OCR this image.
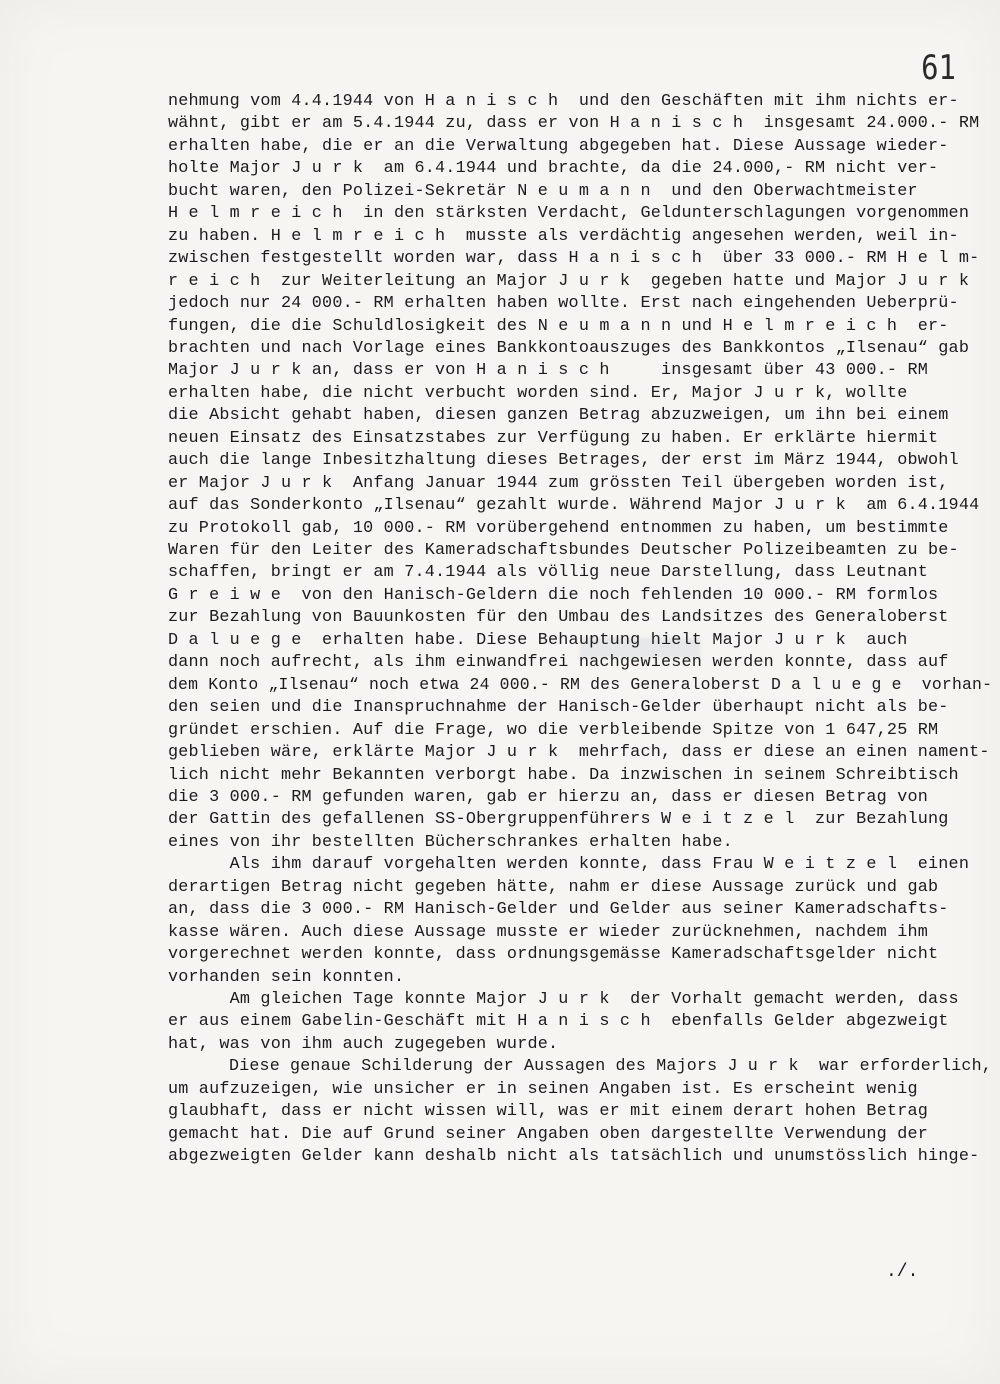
61
nehmung vom 4.4.1944 von H a n i s c h  und den Geschäften mit ihm nichts er-
wähnt, gibt er am 5.4.1944 zu, dass er von H a n i s c h  insgesamt 24.000.- RM
erhalten habe, die er an die Verwaltung abgegeben hat. Diese Aussage wieder-
holte Major J u r k  am 6.4.1944 und brachte, da die 24.000,- RM nicht ver-
bucht waren, den Polizei-Sekretär N e u m a n n  und den Oberwachtmeister
H e l m r e i c h  in den stärksten Verdacht, Geldunterschlagungen vorgenommen
zu haben. H e l m r e i c h  musste als verdächtig angesehen werden, weil in-
zwischen festgestellt worden war, dass H a n i s c h  über 33 000.- RM H e l m-
r e i c h  zur Weiterleitung an Major J u r k  gegeben hatte und Major J u r k
jedoch nur 24 000.- RM erhalten haben wollte. Erst nach eingehenden Ueberprü-
fungen, die die Schuldlosigkeit des N e u m a n n und H e l m r e i c h  er-
brachten und nach Vorlage eines Bankkontoauszuges des Bankkontos „Ilsenau“ gab
Major J u r k an, dass er von H a n i s c h     insgesamt über 43 000.- RM
erhalten habe, die nicht verbucht worden sind. Er, Major J u r k, wollte
die Absicht gehabt haben, diesen ganzen Betrag abzuzweigen, um ihn bei einem
neuen Einsatz des Einsatzstabes zur Verfügung zu haben. Er erklärte hiermit
auch die lange Inbesitzhaltung dieses Betrages, der erst im März 1944, obwohl
er Major J u r k  Anfang Januar 1944 zum grössten Teil übergeben worden ist,
auf das Sonderkonto „Ilsenau“ gezahlt wurde. Während Major J u r k  am 6.4.1944
zu Protokoll gab, 10 000.- RM vorübergehend entnommen zu haben, um bestimmte
Waren für den Leiter des Kameradschaftsbundes Deutscher Polizeibeamten zu be-
schaffen, bringt er am 7.4.1944 als völlig neue Darstellung, dass Leutnant
G r e i w e  von den Hanisch-Geldern die noch fehlenden 10 000.- RM formlos
zur Bezahlung von Bauunkosten für den Umbau des Landsitzes des Generaloberst
D a l u e g e  erhalten habe. Diese Behauptung hielt Major J u r k  auch
dann noch aufrecht, als ihm einwandfrei nachgewiesen werden konnte, dass auf
dem Konto „Ilsenau“ noch etwa 24 000.- RM des Generaloberst D a l u e g e  vorhan-
den seien und die Inanspruchnahme der Hanisch-Gelder überhaupt nicht als be-
gründet erschien. Auf die Frage, wo die verbleibende Spitze von 1 647,25 RM
geblieben wäre, erklärte Major J u r k  mehrfach, dass er diese an einen nament-
lich nicht mehr Bekannten verborgt habe. Da inzwischen in seinem Schreibtisch
die 3 000.- RM gefunden waren, gab er hierzu an, dass er diesen Betrag von
der Gattin des gefallenen SS-Obergruppenführers W e i t z e l  zur Bezahlung
eines von ihr bestellten Bücherschrankes erhalten habe.
Als ihm darauf vorgehalten werden konnte, dass Frau W e i t z e l  einen
derartigen Betrag nicht gegeben hätte, nahm er diese Aussage zurück und gab
an, dass die 3 000.- RM Hanisch-Gelder und Gelder aus seiner Kameradschafts-
kasse wären. Auch diese Aussage musste er wieder zurücknehmen, nachdem ihm
vorgerechnet werden konnte, dass ordnungsgemässe Kameradschaftsgelder nicht
vorhanden sein konnten.
Am gleichen Tage konnte Major J u r k  der Vorhalt gemacht werden, dass
er aus einem Gabelin-Geschäft mit H a n i s c h  ebenfalls Gelder abgezweigt
hat, was von ihm auch zugegeben wurde.
Diese genaue Schilderung der Aussagen des Majors J u r k  war erforderlich,
um aufzuzeigen, wie unsicher er in seinen Angaben ist. Es erscheint wenig
glaubhaft, dass er nicht wissen will, was er mit einem derart hohen Betrag
gemacht hat. Die auf Grund seiner Angaben oben dargestellte Verwendung der
abgezweigten Gelder kann deshalb nicht als tatsächlich und unumstösslich hinge-
./.
